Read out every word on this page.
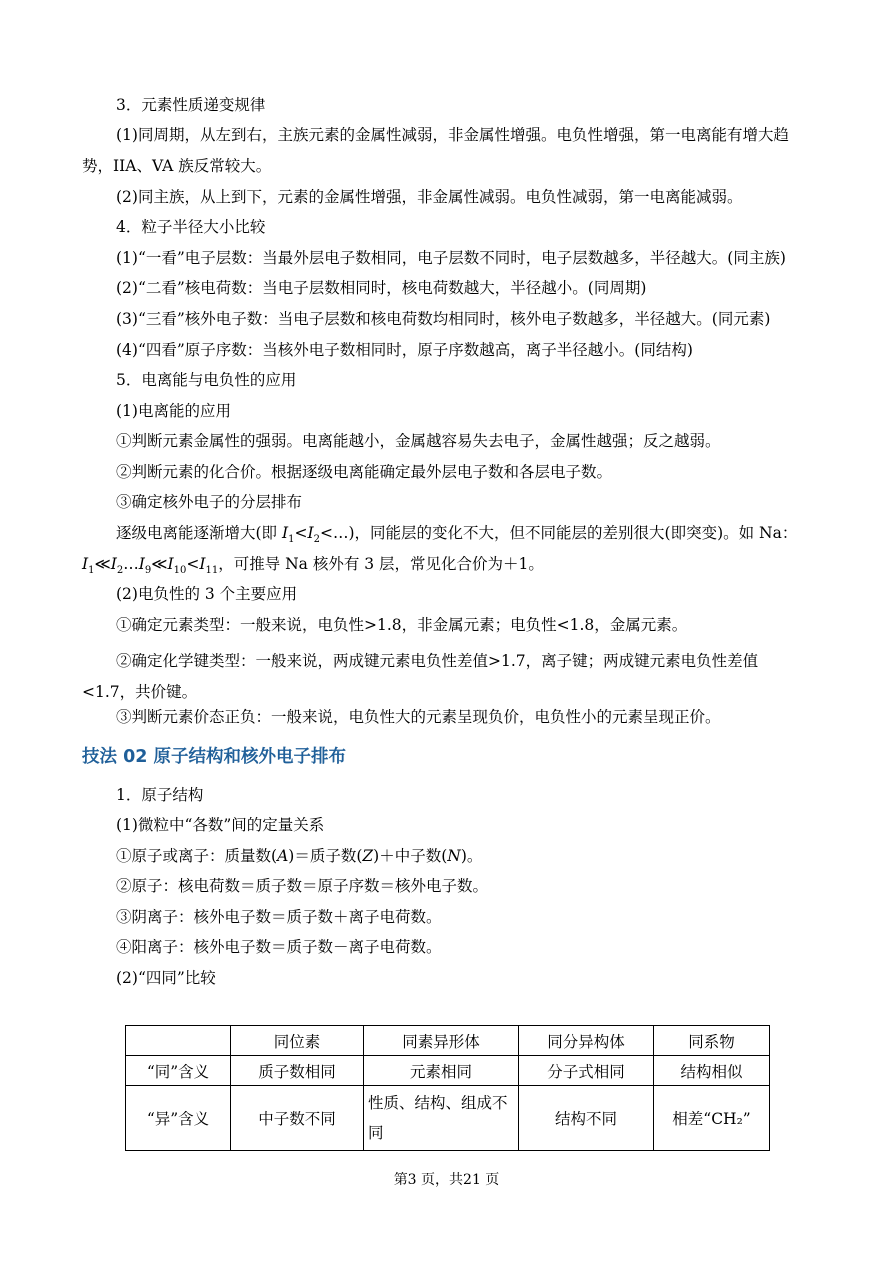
3．元素性质递变规律
(1)同周期，从左到右，主族元素的金属性减弱，非金属性增强。电负性增强，第一电离能有增大趋
势，IIA、VA 族反常较大。
(2)同主族，从上到下，元素的金属性增强，非金属性减弱。电负性减弱，第一电离能减弱。
4．粒子半径大小比较
(1)“一看”电子层数：当最外层电子数相同，电子层数不同时，电子层数越多，半径越大。(同主族)
(2)“二看”核电荷数：当电子层数相同时，核电荷数越大，半径越小。(同周期)
(3)“三看”核外电子数：当电子层数和核电荷数均相同时，核外电子数越多，半径越大。(同元素)
(4)“四看”原子序数：当核外电子数相同时，原子序数越高，离子半径越小。(同结构)
5．电离能与电负性的应用
(1)电离能的应用
①判断元素金属性的强弱。电离能越小，金属越容易失去电子，金属性越强；反之越弱。
②判断元素的化合价。根据逐级电离能确定最外层电子数和各层电子数。
③确定核外电子的分层排布
逐级电离能逐渐增大(即 $I_1<I_2<\dots$)，同能层的变化不大，但不同能层的差别很大(即突变)。如 Na：
$I_1≪I_2\dots I_9≪I_{10}<I_{11}$，可推导 Na 核外有 3 层，常见化合价为＋1。
(2)电负性的 3 个主要应用
①确定元素类型：一般来说，电负性>1.8，非金属元素；电负性<1.8，金属元素。
②确定化学键类型：一般来说，两成键元素电负性差值>1.7，离子键；两成键元素电负性差值<1.7，共价键。
③判断元素价态正负：一般来说，电负性大的元素呈现负价，电负性小的元素呈现正价。
技法 02 原子结构和核外电子排布
1．原子结构
(1)微粒中“各数”间的定量关系
①原子或离子：质量数(A)＝质子数(Z)＋中子数(N)。
②原子：核电荷数＝质子数＝原子序数＝核外电子数。
③阴离子：核外电子数＝质子数＋离子电荷数。
④阳离子：核外电子数＝质子数－离子电荷数。
(2)“四同”比较
	同位素	同素异形体	同分异构体	同系物
“同”含义	质子数相同	元素相同	分子式相同	结构相似
“异”含义	中子数不同	性质、结构、组成不同	结构不同	相差“CH₂”
第3 页，共21 页
